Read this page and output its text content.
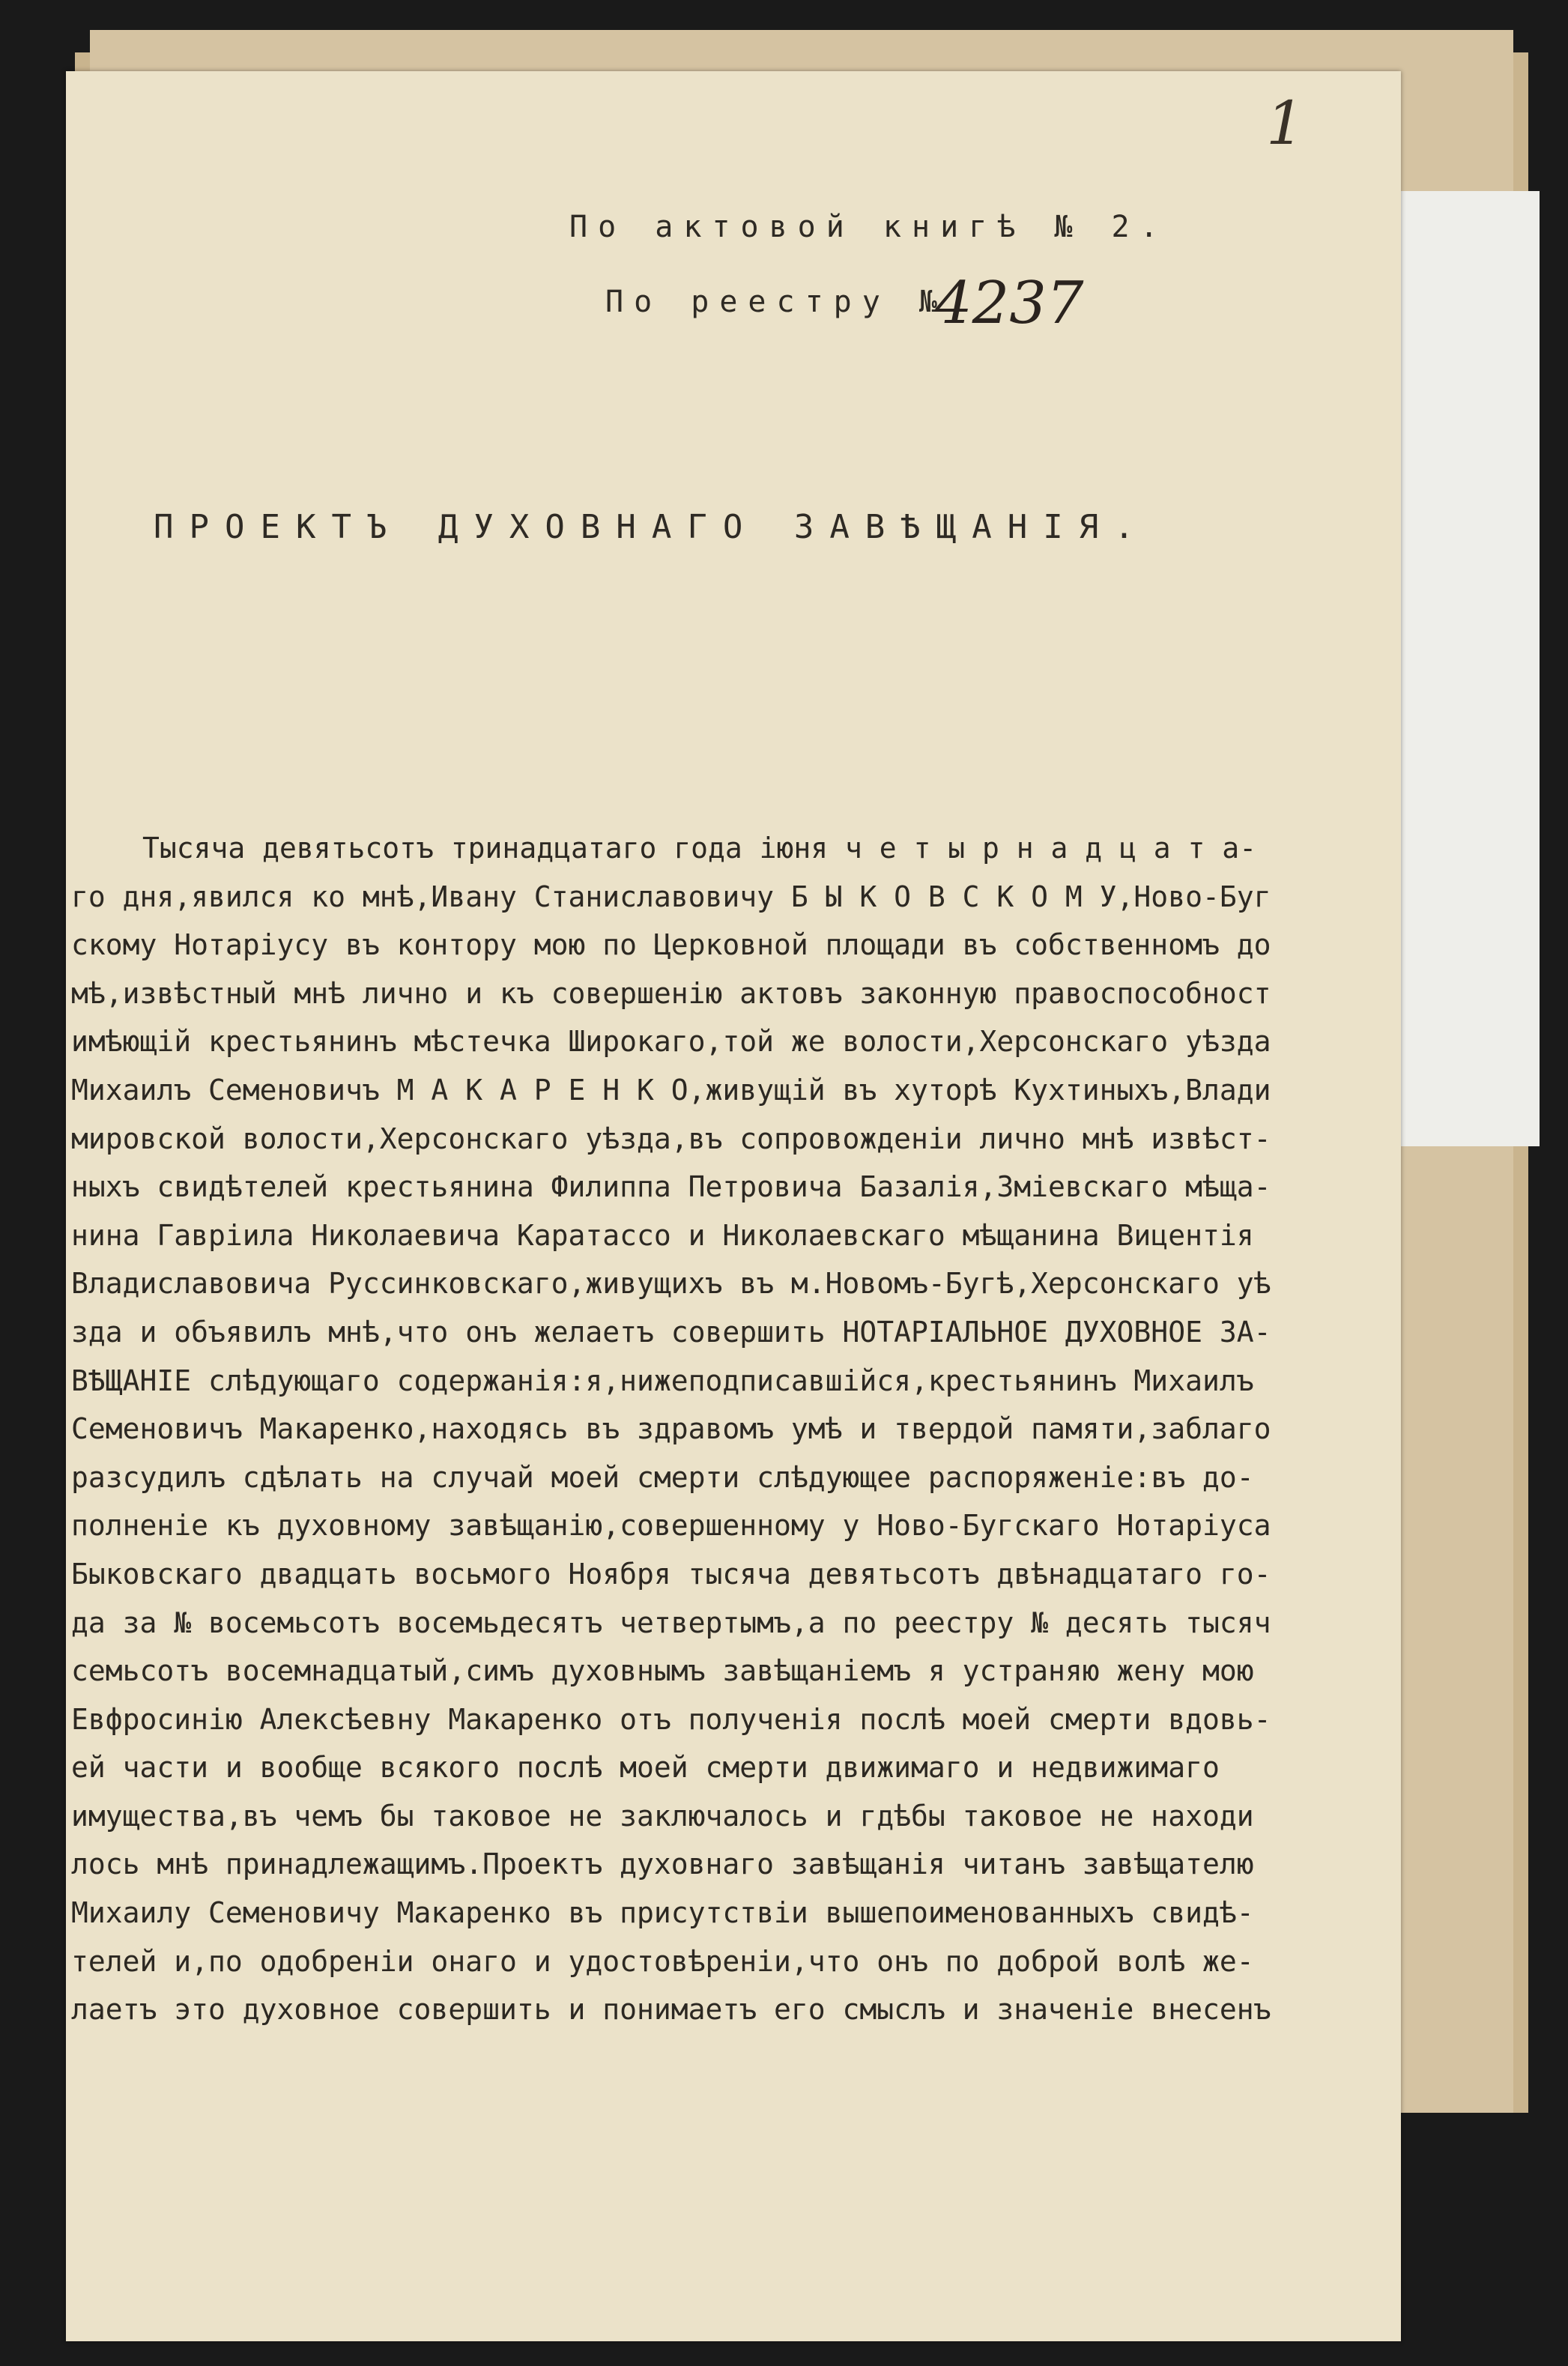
1
По актовой книгѣ № 2.
По реестру №
4237
ПРОЕКТЪ ДУХОВНАГО ЗАВѢЩАНІЯ.
Тысяча девятьсотъ тринадцатаго года іюня ч е т ы р н а д ц а т а-
го дня,явился ко мнѣ,Ивану Станиславовичу Б Ы К О В С К О М У,Ново-Буг
скому Нотаріусу въ контору мою по Церковной площади въ собственномъ до
мѣ,извѣстный мнѣ лично и къ совершенію актовъ законную правоспособност
имѣющій крестьянинъ мѣстечка Широкаго,той же волости,Херсонскаго уѣзда
Михаилъ Семеновичъ М А К А Р Е Н К О,живущій въ хуторѣ Кухтиныхъ,Влади
мировской волости,Херсонскаго уѣзда,въ сопровожденіи лично мнѣ извѣст-
ныхъ свидѣтелей крестьянина Филиппа Петровича Базалія,Зміевскаго мѣща-
нина Гавріила Николаевича Каратассо и Николаевскаго мѣщанина Вицентія
Владиславовича Руссинковскаго,живущихъ въ м.Новомъ-Бугѣ,Херсонскаго уѣ
зда и объявилъ мнѣ,что онъ желаетъ совершить НОТАРІАЛЬНОЕ ДУХОВНОЕ ЗА-
ВѢЩАНІЕ слѣдующаго содержанія:я,нижеподписавшійся,крестьянинъ Михаилъ
Семеновичъ Макаренко,находясь въ здравомъ умѣ и твердой памяти,заблаго
разсудилъ сдѣлать на случай моей смерти слѣдующее распоряженіе:въ до-
полненіе къ духовному завѣщанію,совершенному у Ново-Бугскаго Нотаріуса
Быковскаго двадцать восьмого Ноября тысяча девятьсотъ двѣнадцатаго го-
да за № восемьсотъ восемьдесятъ четвертымъ,а по реестру № десять тысяч
семьсотъ восемнадцатый,симъ духовнымъ завѣщаніемъ я устраняю жену мою
Евфросинію Алексѣевну Макаренко отъ полученія послѣ моей смерти вдовь-
ей части и вообще всякого послѣ моей смерти движимаго и недвижимаго
имущества,въ чемъ бы таковое не заключалось и гдѣбы таковое не находи
лось мнѣ принадлежащимъ.Проектъ духовнаго завѣщанія читанъ завѣщателю
Михаилу Семеновичу Макаренко въ присутствіи вышепоименованныхъ свидѣ-
телей и,по одобреніи онаго и удостовѣреніи,что онъ по доброй волѣ же-
лаетъ это духовное совершить и понимаетъ его смыслъ и значеніе внесенъ
